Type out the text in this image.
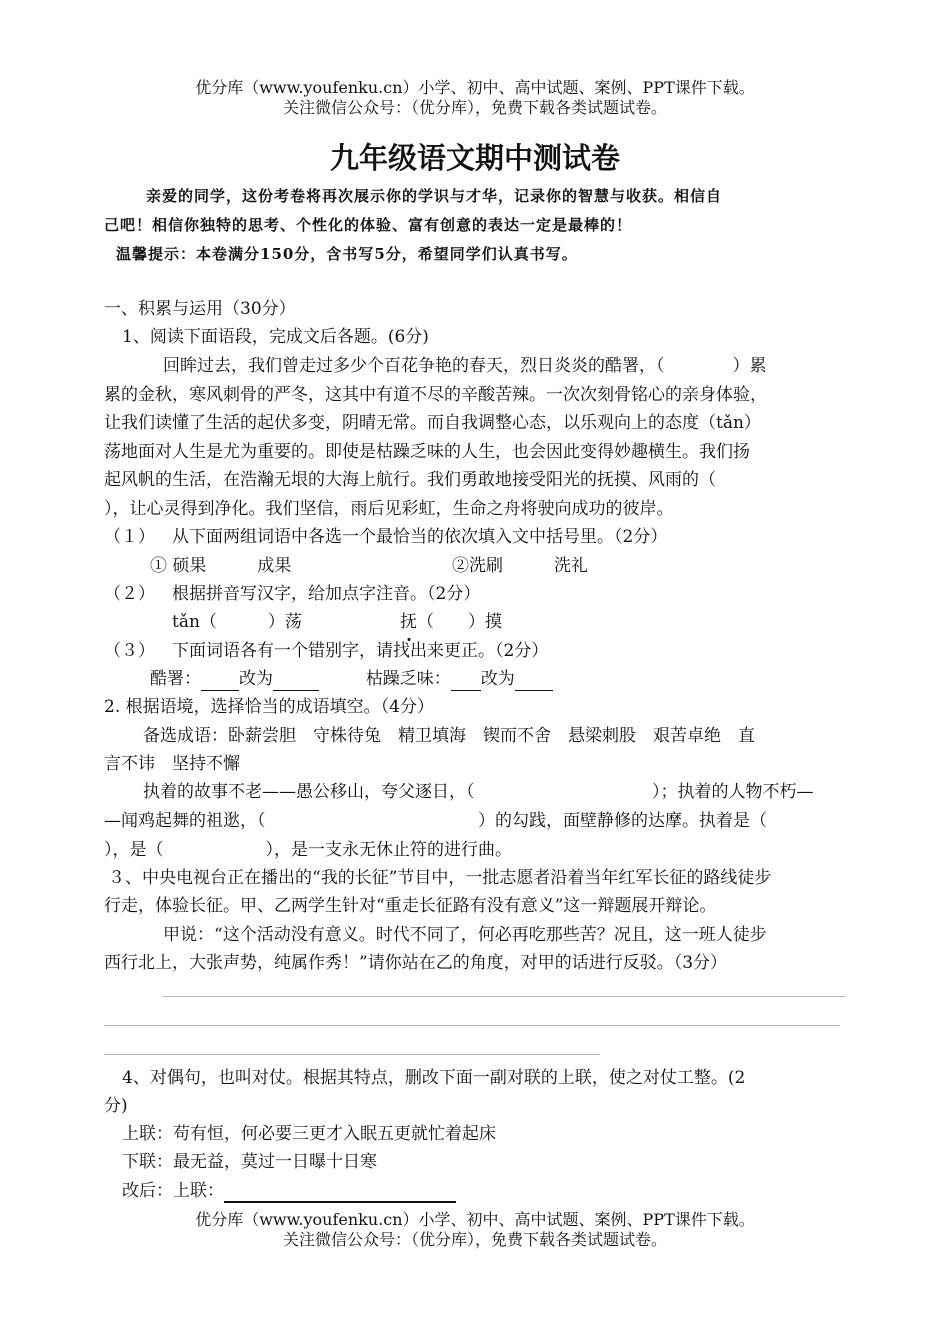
优分库（www.youfenku.cn）小学、初中、高中试题、案例、PPT课件下载。
关注微信公众号：（优分库），免费下载各类试题试卷。
九年级语文期中测试卷
亲爱的同学，这份考卷将再次展示你的学识与才华，记录你的智慧与收获。相信自
己吧！相信你独特的思考、个性化的体验、富有创意的表达一定是最棒的！
温馨提示：本卷满分150分，含书写5分，希望同学们认真书写。
一、积累与运用（30分）
1、阅读下面语段，完成文后各题。(6分)
回眸过去，我们曾走过多少个百花争艳的春天，烈日炎炎的酷署，（　　　　）累
累的金秋，寒风刺骨的严冬，这其中有道不尽的辛酸苦辣。一次次刻骨铭心的亲身体验，
让我们读懂了生活的起伏多变，阴晴无常。而自我调整心态，以乐观向上的态度（tǎn）
荡地面对人生是尤为重要的。即使是枯躁乏味的人生，也会因此变得妙趣横生。我们扬
起风帆的生活，在浩瀚无垠的大海上航行。我们勇敢地接受阳光的抚摸、风雨的（
），让心灵得到净化。我们坚信，雨后见彩虹，生命之舟将驶向成功的彼岸。
（１） 从下面两组词语中各选一个最恰当的依次填入文中括号里。（2分）
① 硕果　　　成果	②洗刷　　　洗礼
（２） 根据拼音写汉字，给加点字注音。（2分）
tǎn（　　　）荡	抚（　　）摸
（３） 下面词语各有一个错别字，请找出来更正。（2分）
酷署： 改为	枯躁乏味： 改为
2. 根据语境，选择恰当的成语填空。（4分）
备选成语：卧薪尝胆　守株待兔　精卫填海　锲而不舍　悬梁刺股　艰苦卓绝　直
言不讳　坚持不懈
执着的故事不老——愚公移山，夸父逐日，（	）；执着的人物不朽—
—闻鸡起舞的祖逖，（	）的勾践，面壁静修的达摩。执着是（
），是（　　　　　　），是一支永无休止符的进行曲。
３、中央电视台正在播出的“我的长征”节目中，一批志愿者沿着当年红军长征的路线徒步
行走，体验长征。甲、乙两学生针对“重走长征路有没有意义”这一辩题展开辩论。
甲说：“这个活动没有意义。时代不同了，何必再吃那些苦？况且，这一班人徒步
西行北上，大张声势，纯属作秀！”请你站在乙的角度，对甲的话进行反驳。（3分）
4、对偶句，也叫对仗。根据其特点，删改下面一副对联的上联，使之对仗工整。(2
分)
上联：苟有恒，何必要三更才入眠五更就忙着起床
下联：最无益，莫过一日曝十日寒
改后：上联：
优分库（www.youfenku.cn）小学、初中、高中试题、案例、PPT课件下载。
关注微信公众号：（优分库），免费下载各类试题试卷。
